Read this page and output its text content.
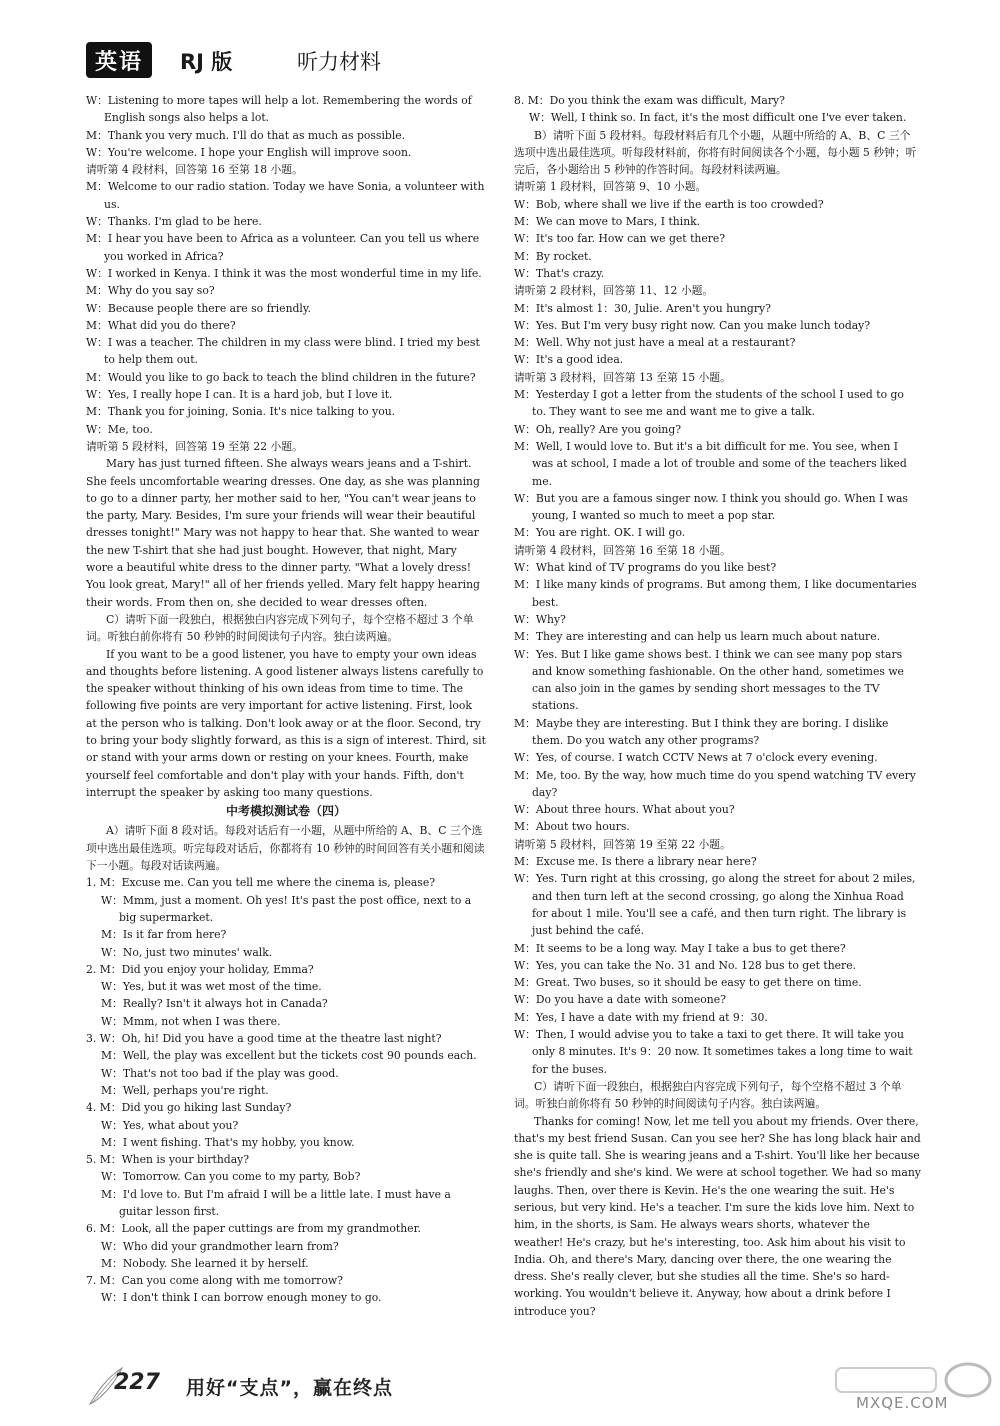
英语	RJ 版	听力材料
W：Listening to more tapes will help a lot. Remembering the words of English songs also helps a lot.
M：Thank you very much. I'll do that as much as possible.
W：You're welcome. I hope your English will improve soon.
请听第 4 段材料，回答第 16 至第 18 小题。
M：Welcome to our radio station. Today we have Sonia, a volunteer with us.
W：Thanks. I'm glad to be here.
M：I hear you have been to Africa as a volunteer. Can you tell us where you worked in Africa?
W：I worked in Kenya. I think it was the most wonderful time in my life.
M：Why do you say so?
W：Because people there are so friendly.
M：What did you do there?
W：I was a teacher. The children in my class were blind. I tried my best to help them out.
M：Would you like to go back to teach the blind children in the future?
W：Yes, I really hope I can. It is a hard job, but I love it.
M：Thank you for joining, Sonia. It's nice talking to you.
W：Me, too.
请听第 5 段材料，回答第 19 至第 22 小题。
Mary has just turned fifteen. She always wears jeans and a T-shirt. She feels uncomfortable wearing dresses. One day, as she was planning to go to a dinner party, her mother said to her, "You can't wear jeans to the party, Mary. Besides, I'm sure your friends will wear their beautiful dresses tonight!" Mary was not happy to hear that. She wanted to wear the new T-shirt that she had just bought. However, that night, Mary wore a beautiful white dress to the dinner party. "What a lovely dress! You look great, Mary!" all of her friends yelled. Mary felt happy hearing their words. From then on, she decided to wear dresses often.
C）请听下面一段独白，根据独白内容完成下列句子，每个空格不超过 3 个单词。听独白前你将有 50 秒钟的时间阅读句子内容。独白读两遍。
If you want to be a good listener, you have to empty your own ideas and thoughts before listening. A good listener always listens carefully to the speaker without thinking of his own ideas from time to time. The following five points are very important for active listening. First, look at the person who is talking. Don't look away or at the floor. Second, try to bring your body slightly forward, as this is a sign of interest. Third, sit or stand with your arms down or resting on your knees. Fourth, make yourself feel comfortable and don't play with your hands. Fifth, don't interrupt the speaker by asking too many questions.
中考模拟测试卷（四）
A）请听下面 8 段对话。每段对话后有一小题，从题中所给的 A、B、C 三个选项中选出最佳选项。听完每段对话后，你都将有 10 秒钟的时间回答有关小题和阅读下一小题。每段对话读两遍。
1. M：Excuse me. Can you tell me where the cinema is, please?
W：Mmm, just a moment. Oh yes! It's past the post office, next to a big supermarket.
M：Is it far from here?
W：No, just two minutes' walk.
2. M：Did you enjoy your holiday, Emma?
W：Yes, but it was wet most of the time.
M：Really? Isn't it always hot in Canada?
W：Mmm, not when I was there.
3. W：Oh, hi! Did you have a good time at the theatre last night?
M：Well, the play was excellent but the tickets cost 90 pounds each.
W：That's not too bad if the play was good.
M：Well, perhaps you're right.
4. M：Did you go hiking last Sunday?
W：Yes, what about you?
M：I went fishing. That's my hobby, you know.
5. M：When is your birthday?
W：Tomorrow. Can you come to my party, Bob?
M：I'd love to. But I'm afraid I will be a little late. I must have a guitar lesson first.
6. M：Look, all the paper cuttings are from my grandmother.
W：Who did your grandmother learn from?
M：Nobody. She learned it by herself.
7. M：Can you come along with me tomorrow?
W：I don't think I can borrow enough money to go.
8. M：Do you think the exam was difficult, Mary?
W：Well, I think so. In fact, it's the most difficult one I've ever taken.
B）请听下面 5 段材料。每段材料后有几个小题，从题中所给的 A、B、C 三个选项中选出最佳选项。听每段材料前，你将有时间阅读各个小题，每小题 5 秒钟；听完后，各小题给出 5 秒钟的作答时间。每段材料读两遍。
请听第 1 段材料，回答第 9、10 小题。
W：Bob, where shall we live if the earth is too crowded?
M：We can move to Mars, I think.
W：It's too far. How can we get there?
M：By rocket.
W：That's crazy.
请听第 2 段材料，回答第 11、12 小题。
M：It's almost 1：30, Julie. Aren't you hungry?
W：Yes. But I'm very busy right now. Can you make lunch today?
M：Well. Why not just have a meal at a restaurant?
W：It's a good idea.
请听第 3 段材料，回答第 13 至第 15 小题。
M：Yesterday I got a letter from the students of the school I used to go to. They want to see me and want me to give a talk.
W：Oh, really? Are you going?
M：Well, I would love to. But it's a bit difficult for me. You see, when I was at school, I made a lot of trouble and some of the teachers liked me.
W：But you are a famous singer now. I think you should go. When I was young, I wanted so much to meet a pop star.
M：You are right. OK. I will go.
请听第 4 段材料，回答第 16 至第 18 小题。
W：What kind of TV programs do you like best?
M：I like many kinds of programs. But among them, I like documentaries best.
W：Why?
M：They are interesting and can help us learn much about nature.
W：Yes. But I like game shows best. I think we can see many pop stars and know something fashionable. On the other hand, sometimes we can also join in the games by sending short messages to the TV stations.
M：Maybe they are interesting. But I think they are boring. I dislike them. Do you watch any other programs?
W：Yes, of course. I watch CCTV News at 7 o'clock every evening.
M：Me, too. By the way, how much time do you spend watching TV every day?
W：About three hours. What about you?
M：About two hours.
请听第 5 段材料，回答第 19 至第 22 小题。
M：Excuse me. Is there a library near here?
W：Yes. Turn right at this crossing, go along the street for about 2 miles, and then turn left at the second crossing, go along the Xinhua Road for about 1 mile. You'll see a café, and then turn right. The library is just behind the café.
M：It seems to be a long way. May I take a bus to get there?
W：Yes, you can take the No. 31 and No. 128 bus to get there.
M：Great. Two buses, so it should be easy to get there on time.
W：Do you have a date with someone?
M：Yes, I have a date with my friend at 9：30.
W：Then, I would advise you to take a taxi to get there. It will take you only 8 minutes. It's 9：20 now. It sometimes takes a long time to wait for the buses.
C）请听下面一段独白，根据独白内容完成下列句子，每个空格不超过 3 个单词。听独白前你将有 50 秒钟的时间阅读句子内容。独白读两遍。
Thanks for coming! Now, let me tell you about my friends. Over there, that's my best friend Susan. Can you see her? She has long black hair and she is quite tall. She is wearing jeans and a T-shirt. You'll like her because she's friendly and she's kind. We were at school together. We had so many laughs. Then, over there is Kevin. He's the one wearing the suit. He's serious, but very kind. He's a teacher. I'm sure the kids love him. Next to him, in the shorts, is Sam. He always wears shorts, whatever the weather! He's crazy, but he's interesting, too. Ask him about his visit to India. Oh, and there's Mary, dancing over there, the one wearing the dress. She's really clever, but she studies all the time. She's so hard-working. You wouldn't believe it. Anyway, how about a drink before I introduce you?
227 用好“支点”，赢在终点
MXQE.COM
